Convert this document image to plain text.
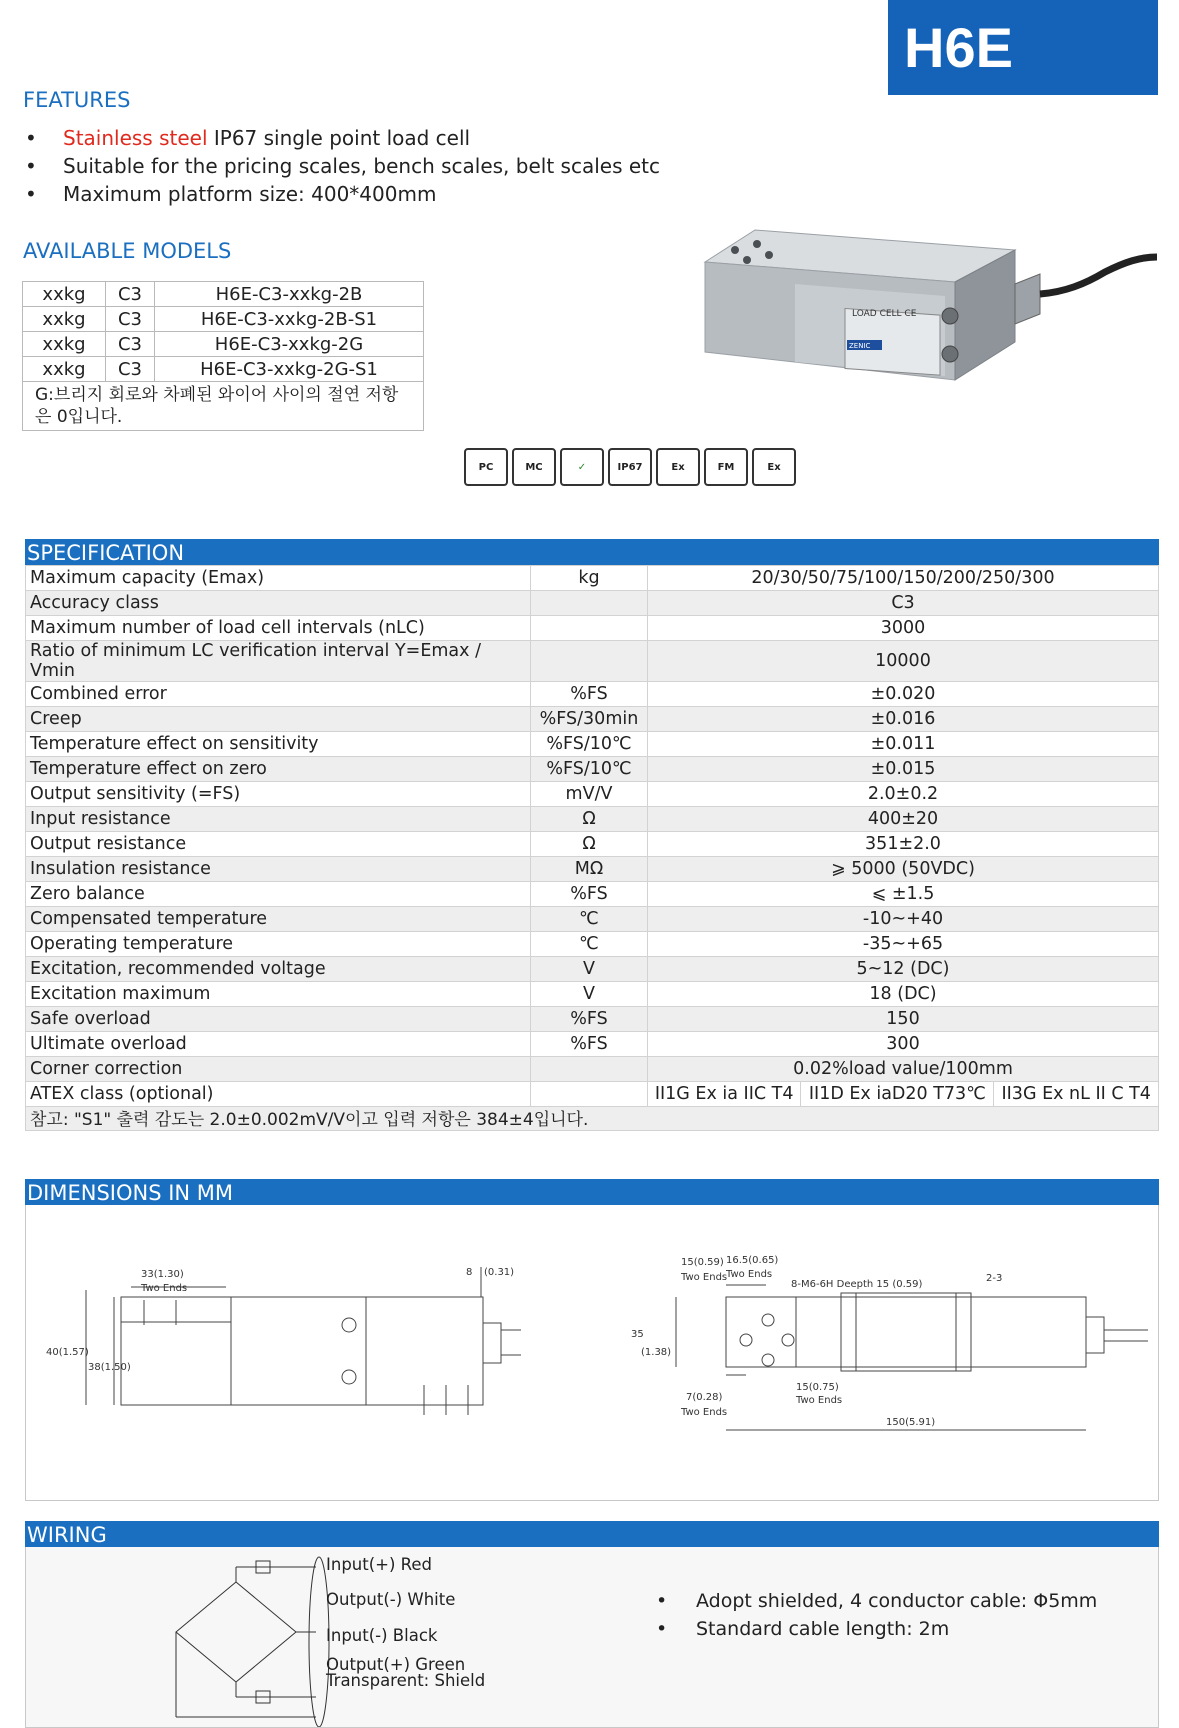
H6E
FEATURES
• Stainless steel IP67 single point load cell
• Suitable for the pricing scales, bench scales, belt scales etc
• Maximum platform size: 400*400mm
AVAILABLE MODELS
xxkg	C3	H6E-C3-xxkg-2B
xxkg	C3	H6E-C3-xxkg-2B-S1
xxkg	C3	H6E-C3-xxkg-2G
xxkg	C3	H6E-C3-xxkg-2G-S1
G:브리지 회로와 차폐된 와이어 사이의 절연 저항은 0입니다.		
LOAD CELL CE
ZENIC
PC	MC	✓	IP67	Ex	FM	Ex
SPECIFICATION
Maximum capacity (Emax)	kg	20/30/50/75/100/150/200/250/300		
Accuracy class		C3		
Maximum number of load cell intervals (nLC)		3000		
Ratio of minimum LC verification interval Y=Emax / Vmin		10000		
Combined error	%FS	±0.020		
Creep	%FS/30min	±0.016		
Temperature effect on sensitivity	%FS/10℃	±0.011		
Temperature effect on zero	%FS/10℃	±0.015		
Output sensitivity (=FS)	mV/V	2.0±0.2		
Input resistance	Ω	400±20		
Output resistance	Ω	351±2.0		
Insulation resistance	MΩ	⩾ 5000 (50VDC)		
Zero balance	%FS	⩽ ±1.5		
Compensated temperature	℃	-10~+40		
Operating temperature	℃	-35~+65		
Excitation, recommended voltage	V	5~12 (DC)		
Excitation maximum	V	18 (DC)		
Safe overload	%FS	150		
Ultimate overload	%FS	300		
Corner correction		0.02%load value/100mm		
ATEX class (optional)		II1G Ex ia IIC T4	II1D Ex iaD20 T73℃	II3G Ex nL II C T4
참고: "S1" 출력 감도는 2.0±0.002mV/V이고 입력 저항은 384±4입니다.
DIMENSIONS IN MM
33(1.30)
Two Ends
8 (0.31)
40(1.57)
38(1.50)
15(0.59)
Two Ends
16.5(0.65)
Two Ends
8-M6-6H Deepth 15 (0.59)
2-3
35
(1.38)
7(0.28)
Two Ends
15(0.75)
Two Ends
150(5.91)
WIRING
Input(+) Red
Output(-) White
Input(-) Black
Output(+) Green
Transparent: Shield
• Adopt shielded, 4 conductor cable: Φ5mm
• Standard cable length: 2m
